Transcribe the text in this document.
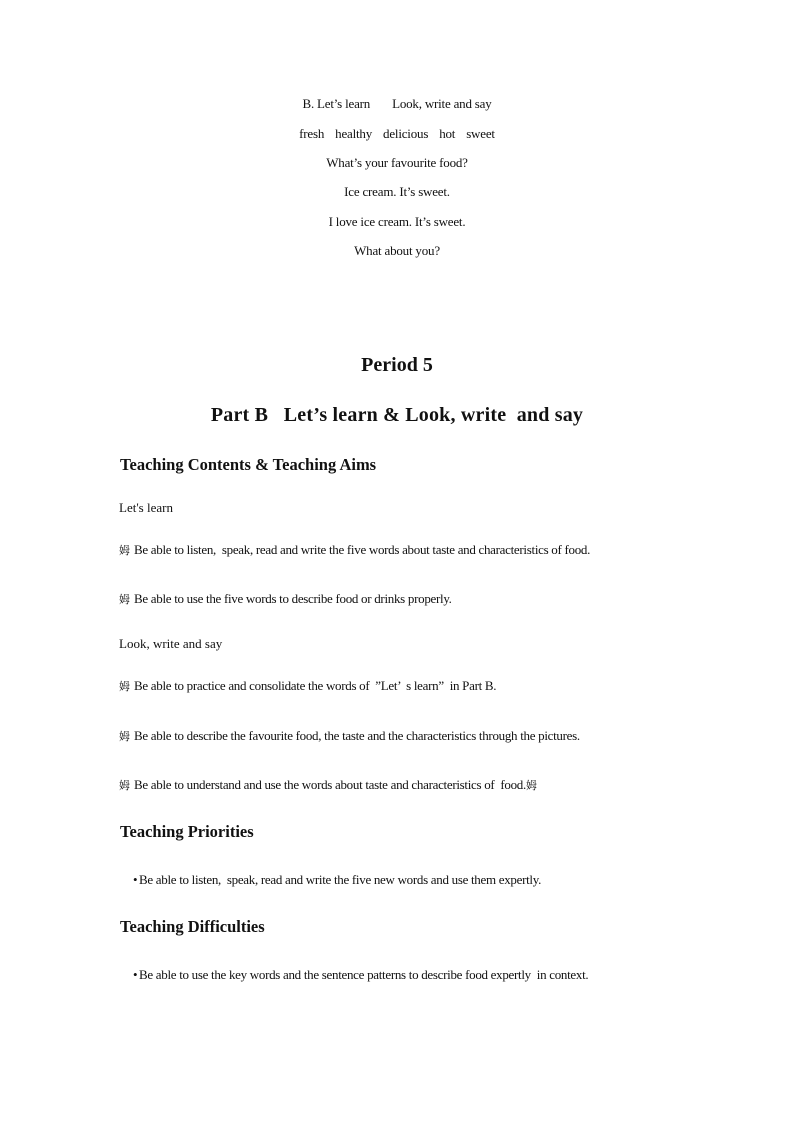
B. Let’s learn Look, write and say
fresh healthy delicious hot sweet
What’s your favourite food?
Ice cream. It’s sweet.
I love ice cream. It’s sweet.
What about you?
Period 5
Part B   Let’s learn & Look, write  and say
Teaching Contents & Teaching Aims
Let's learn
姆 Be able to listen,  speak, read and write the five words about taste and characteristics of food.
姆 Be able to use the five words to describe food or drinks properly.
Look, write and say
姆 Be able to practice and consolidate the words of  ”Let’  s learn”  in Part B.
姆 Be able to describe the favourite food, the taste and the characteristics through the pictures.
姆 Be able to understand and use the words about taste and characteristics of  food.姆
Teaching Priorities
• Be able to listen,  speak, read and write the five new words and use them expertly.
Teaching Difficulties
• Be able to use the key words and the sentence patterns to describe food expertly  in context.
